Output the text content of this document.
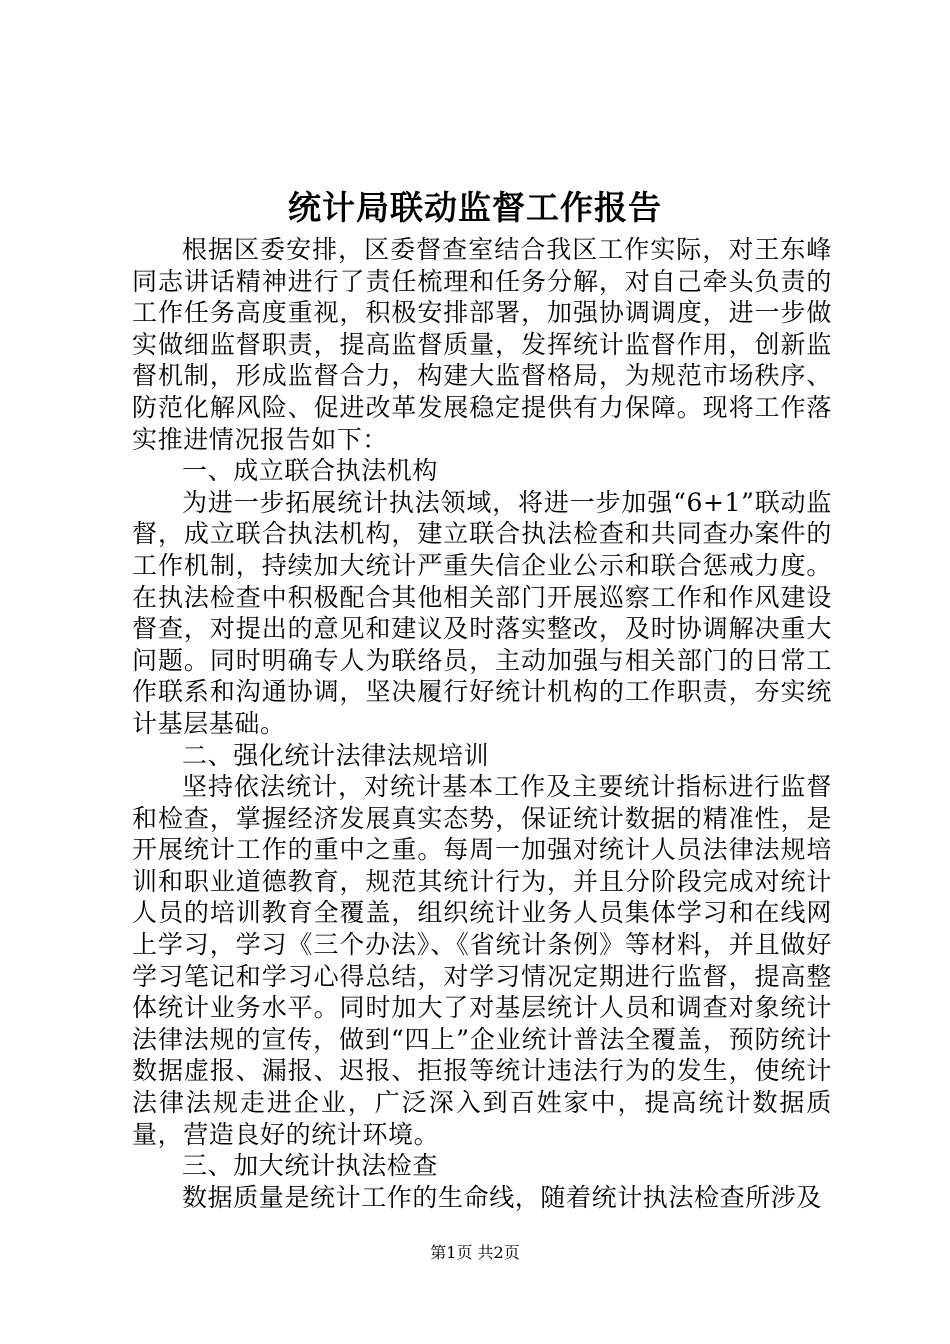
统计局联动监督工作报告

根据区委安排，区委督查室结合我区工作实际，对王东峰同志讲话精神进行了责任梳理和任务分解，对自己牵头负责的工作任务高度重视，积极安排部署，加强协调调度，进一步做实做细监督职责，提高监督质量，发挥统计监督作用，创新监督机制，形成监督合力，构建大监督格局，为规范市场秩序、防范化解风险、促进改革发展稳定提供有力保障。现将工作落实推进情况报告如下：

一、成立联合执法机构

为进一步拓展统计执法领域，将进一步加强“6+1”联动监督，成立联合执法机构，建立联合执法检查和共同查办案件的工作机制，持续加大统计严重失信企业公示和联合惩戒力度。在执法检查中积极配合其他相关部门开展巡察工作和作风建设督查，对提出的意见和建议及时落实整改，及时协调解决重大问题。同时明确专人为联络员，主动加强与相关部门的日常工作联系和沟通协调，坚决履行好统计机构的工作职责，夯实统计基层基础。

二、强化统计法律法规培训

坚持依法统计，对统计基本工作及主要统计指标进行监督和检查，掌握经济发展真实态势，保证统计数据的精准性，是开展统计工作的重中之重。每周一加强对统计人员法律法规培训和职业道德教育，规范其统计行为，并且分阶段完成对统计人员的培训教育全覆盖，组织统计业务人员集体学习和在线网上学习，学习《三个办法》、《省统计条例》等材料，并且做好学习笔记和学习心得总结，对学习情况定期进行监督，提高整体统计业务水平。同时加大了对基层统计人员和调查对象统计法律法规的宣传，做到“四上”企业统计普法全覆盖，预防统计数据虚报、漏报、迟报、拒报等统计违法行为的发生，使统计法律法规走进企业，广泛深入到百姓家中，提高统计数据质量，营造良好的统计环境。

三、加大统计执法检查

数据质量是统计工作的生命线，随着统计执法检查所涉及

第1页 共2页
